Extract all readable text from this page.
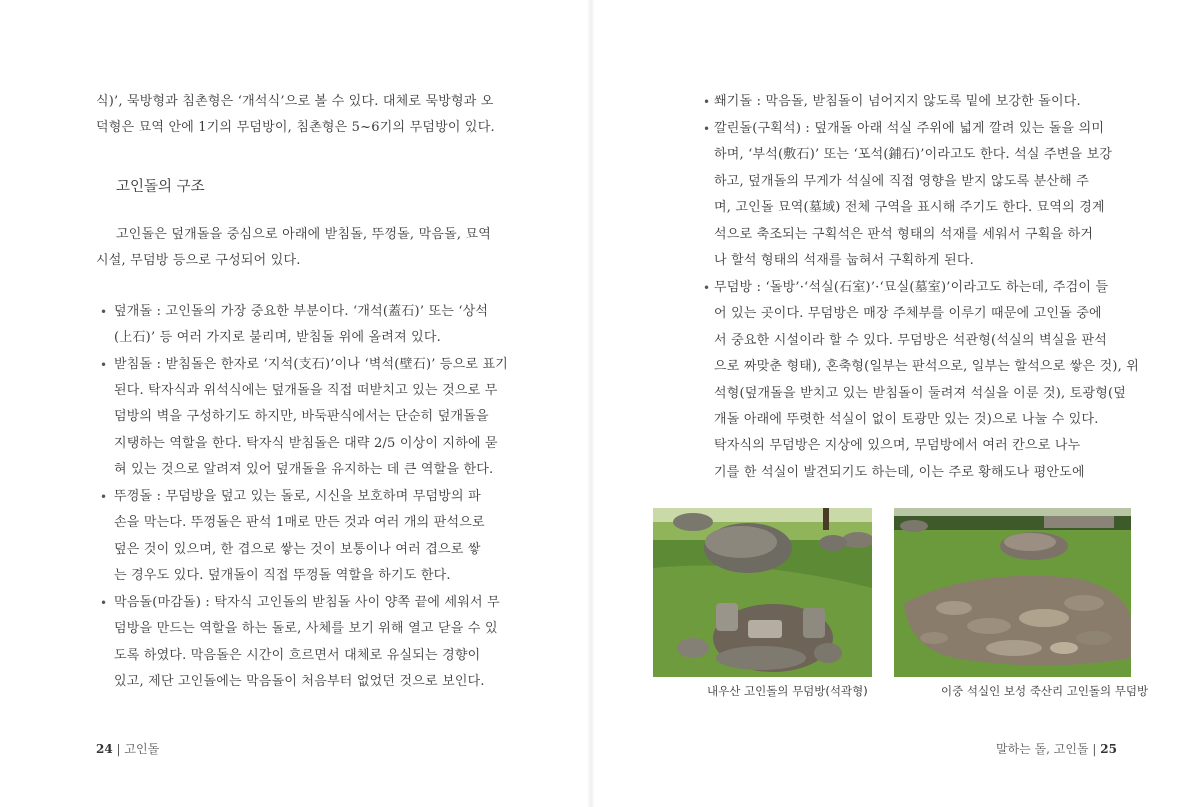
식)’, 묵방형과 침촌형은 ‘개석식’으로 볼 수 있다. 대체로 묵방형과 오
덕형은 묘역 안에 1기의 무덤방이, 침촌형은 5~6기의 무덤방이 있다.
고인돌의 구조
고인돌은 덮개돌을 중심으로 아래에 받침돌, 뚜껑돌, 막음돌, 묘역
시설, 무덤방 등으로 구성되어 있다.
• 덮개돌 : 고인돌의 가장 중요한 부분이다. ‘개석(蓋石)’ 또는 ‘상석
(上石)’ 등 여러 가지로 불리며, 받침돌 위에 올려져 있다.
• 받침돌 : 받침돌은 한자로 ‘지석(支石)’이나 ‘벽석(壁石)’ 등으로 표기
된다. 탁자식과 위석식에는 덮개돌을 직접 떠받치고 있는 것으로 무
덤방의 벽을 구성하기도 하지만, 바둑판식에서는 단순히 덮개돌을
지탱하는 역할을 한다. 탁자식 받침돌은 대략 2/5 이상이 지하에 묻
혀 있는 것으로 알려져 있어 덮개돌을 유지하는 데 큰 역할을 한다.
• 뚜껑돌 : 무덤방을 덮고 있는 돌로, 시신을 보호하며 무덤방의 파
손을 막는다. 뚜껑돌은 판석 1매로 만든 것과 여러 개의 판석으로
덮은 것이 있으며, 한 겹으로 쌓는 것이 보통이나 여러 겹으로 쌓
는 경우도 있다. 덮개돌이 직접 뚜껑돌 역할을 하기도 한다.
• 막음돌(마감돌) : 탁자식 고인돌의 받침돌 사이 양쪽 끝에 세워서 무
덤방을 만드는 역할을 하는 돌로, 사체를 보기 위해 열고 닫을 수 있
도록 하였다. 막음돌은 시간이 흐르면서 대체로 유실되는 경향이
있고, 제단 고인돌에는 막음돌이 처음부터 없었던 것으로 보인다.
24 | 고인돌
• 쐐기돌 : 막음돌, 받침돌이 넘어지지 않도록 밑에 보강한 돌이다.
• 깔린돌(구획석) : 덮개돌 아래 석실 주위에 넓게 깔려 있는 돌을 의미
하며, ‘부석(敷石)’ 또는 ‘포석(鋪石)’이라고도 한다. 석실 주변을 보강
하고, 덮개돌의 무게가 석실에 직접 영향을 받지 않도록 분산해 주
며, 고인돌 묘역(墓域) 전체 구역을 표시해 주기도 한다. 묘역의 경계
석으로 축조되는 구획석은 판석 형태의 석재를 세워서 구획을 하거
나 할석 형태의 석재를 눕혀서 구획하게 된다.
• 무덤방 : ‘돌방’·‘석실(石室)’·‘묘실(墓室)’이라고도 하는데, 주검이 들
어 있는 곳이다. 무덤방은 매장 주체부를 이루기 때문에 고인돌 중에
서 중요한 시설이라 할 수 있다. 무덤방은 석관형(석실의 벽실을 판석
으로 짜맞춘 형태), 혼축형(일부는 판석으로, 일부는 할석으로 쌓은 것), 위
석형(덮개돌을 받치고 있는 받침돌이 둘려져 석실을 이룬 것), 토광형(덮
개돌 아래에 뚜렷한 석실이 없이 토광만 있는 것)으로 나눌 수 있다.
탁자식의 무덤방은 지상에 있으며, 무덤방에서 여러 칸으로 나누
기를 한 석실이 발견되기도 하는데, 이는 주로 황해도나 평안도에
내우산 고인돌의 무덤방(석곽형)	이중 석실인 보성 죽산리 고인돌의 무덤방
말하는 돌, 고인돌 | 25
